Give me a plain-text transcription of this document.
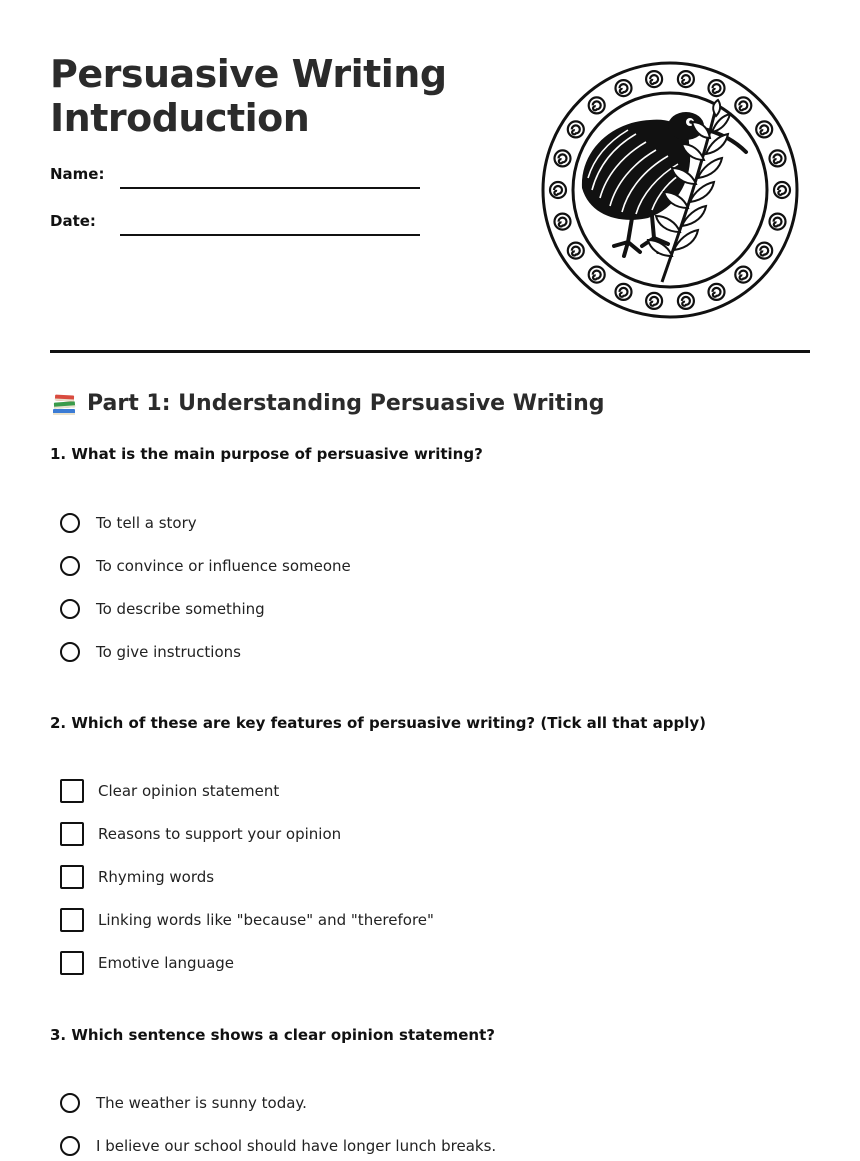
Persuasive Writing
Introduction
Name:
Date:
Part 1: Understanding Persuasive Writing

1. What is the main purpose of persuasive writing?

To tell a story
To convince or influence someone
To describe something
To give instructions

2. Which of these are key features of persuasive writing? (Tick all that apply)

Clear opinion statement
Reasons to support your opinion
Rhyming words
Linking words like "because" and "therefore"
Emotive language

3. Which sentence shows a clear opinion statement?

The weather is sunny today.
I believe our school should have longer lunch breaks.
